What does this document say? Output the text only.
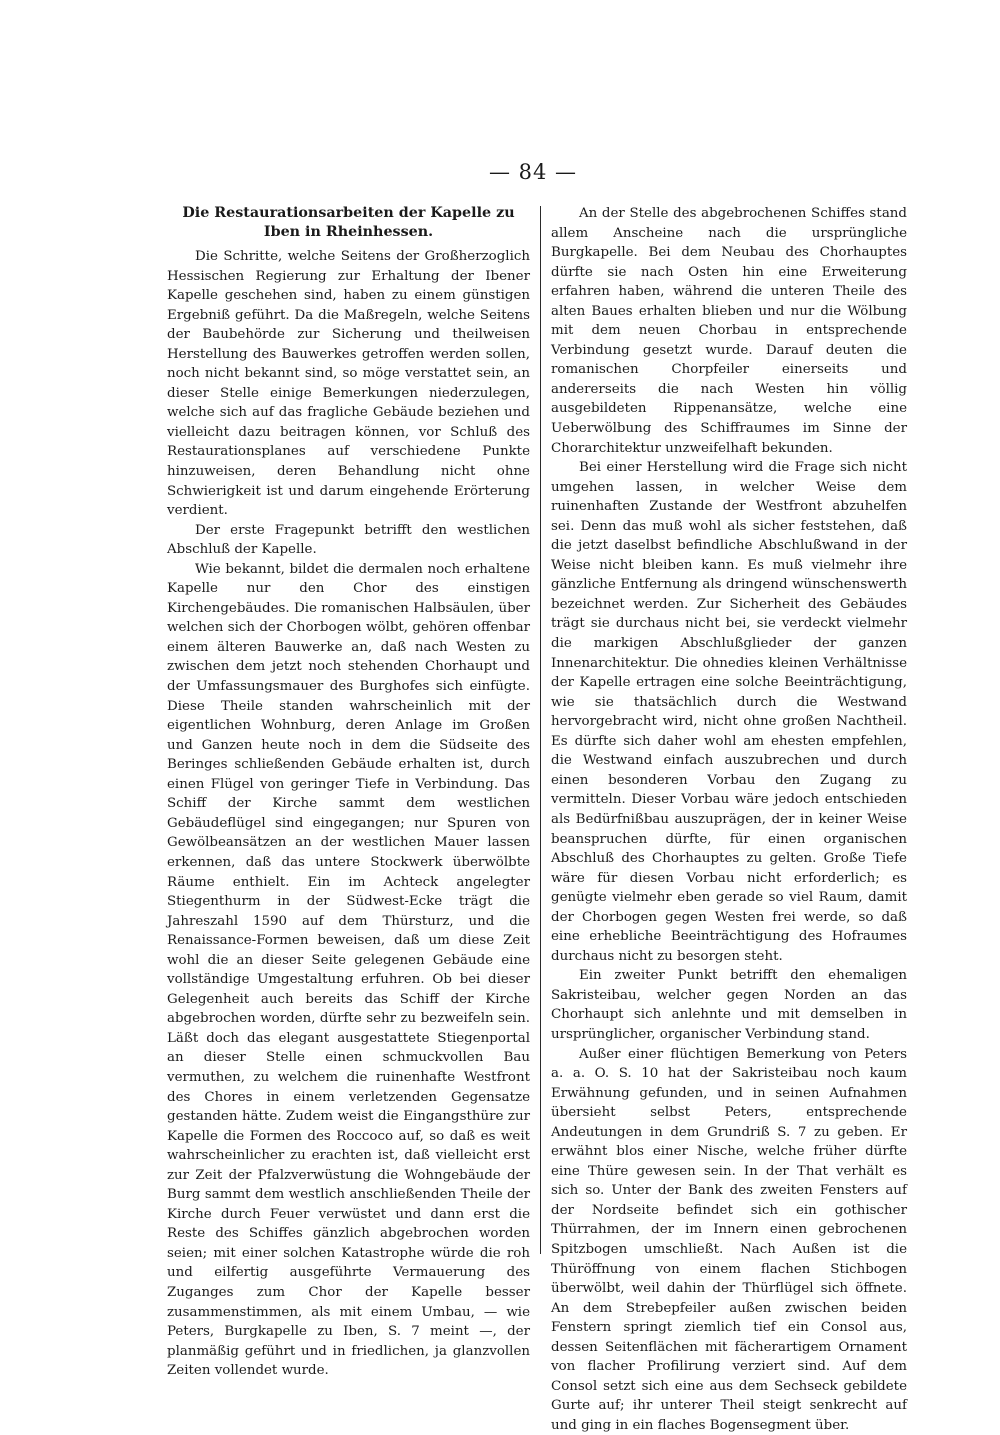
— 84 —
Die Restaurationsarbeiten der Kapelle zu Iben in Rheinhessen.

Die Schritte, welche Seitens der Großherzoglich Hessischen Regierung zur Erhaltung der Ibener Kapelle geschehen sind, haben zu einem günstigen Ergebniß geführt. Da die Maßregeln, welche Seitens der Baubehörde zur Sicherung und theilweisen Herstellung des Bauwerkes getroffen werden sollen, noch nicht bekannt sind, so möge verstattet sein, an dieser Stelle einige Bemerkungen niederzulegen, welche sich auf das fragliche Gebäude beziehen und vielleicht dazu beitragen können, vor Schluß des Restaurationsplanes auf verschiedene Punkte hinzuweisen, deren Behandlung nicht ohne Schwierigkeit ist und darum eingehende Erörterung verdient.

Der erste Fragepunkt betrifft den westlichen Abschluß der Kapelle.

Wie bekannt, bildet die dermalen noch erhaltene Kapelle nur den Chor des einstigen Kirchengebäudes. Die romanischen Halbsäulen, über welchen sich der Chorbogen wölbt, gehören offenbar einem älteren Bauwerke an, daß nach Westen zu zwischen dem jetzt noch stehenden Chorhaupt und der Umfassungsmauer des Burghofes sich einfügte. Diese Theile standen wahrscheinlich mit der eigentlichen Wohnburg, deren Anlage im Großen und Ganzen heute noch in dem die Südseite des Beringes schließenden Gebäude erhalten ist, durch einen Flügel von geringer Tiefe in Verbindung. Das Schiff der Kirche sammt dem westlichen Gebäudeflügel sind eingegangen; nur Spuren von Gewölbeansätzen an der westlichen Mauer lassen erkennen, daß das untere Stockwerk überwölbte Räume enthielt. Ein im Achteck angelegter Stiegenthurm in der Südwest-Ecke trägt die Jahreszahl 1590 auf dem Thürsturz, und die Renaissance-Formen beweisen, daß um diese Zeit wohl die an dieser Seite gelegenen Gebäude eine vollständige Umgestaltung erfuhren. Ob bei dieser Gelegenheit auch bereits das Schiff der Kirche abgebrochen worden, dürfte sehr zu bezweifeln sein. Läßt doch das elegant ausgestattete Stiegenportal an dieser Stelle einen schmuckvollen Bau vermuthen, zu welchem die ruinenhafte Westfront des Chores in einem verletzenden Gegensatze gestanden hätte. Zudem weist die Eingangsthüre zur Kapelle die Formen des Roccoco auf, so daß es weit wahrscheinlicher zu erachten ist, daß vielleicht erst zur Zeit der Pfalzverwüstung die Wohngebäude der Burg sammt dem westlich anschließenden Theile der Kirche durch Feuer verwüstet und dann erst die Reste des Schiffes gänzlich abgebrochen worden seien; mit einer solchen Katastrophe würde die roh und eilfertig ausgeführte Vermauerung des Zuganges zum Chor der Kapelle besser zusammenstimmen, als mit einem Umbau, — wie Peters, Burgkapelle zu Iben, S. 7 meint —, der planmäßig geführt und in friedlichen, ja glanzvollen Zeiten vollendet wurde.

An der Stelle des abgebrochenen Schiffes stand allem Anscheine nach die ursprüngliche Burgkapelle. Bei dem Neubau des Chorhauptes dürfte sie nach Osten hin eine Erweiterung erfahren haben, während die unteren Theile des alten Baues erhalten blieben und nur die Wölbung mit dem neuen Chorbau in entsprechende Verbindung gesetzt wurde. Darauf deuten die romanischen Chorpfeiler einerseits und andererseits die nach Westen hin völlig ausgebildeten Rippenansätze, welche eine Ueberwölbung des Schiffraumes im Sinne der Chorarchitektur unzweifelhaft bekunden.

Bei einer Herstellung wird die Frage sich nicht umgehen lassen, in welcher Weise dem ruinenhaften Zustande der Westfront abzuhelfen sei. Denn das muß wohl als sicher feststehen, daß die jetzt daselbst befindliche Abschlußwand in der Weise nicht bleiben kann. Es muß vielmehr ihre gänzliche Entfernung als dringend wünschenswerth bezeichnet werden. Zur Sicherheit des Gebäudes trägt sie durchaus nicht bei, sie verdeckt vielmehr die markigen Abschlußglieder der ganzen Innenarchitektur. Die ohnedies kleinen Verhältnisse der Kapelle ertragen eine solche Beeinträchtigung, wie sie thatsächlich durch die Westwand hervorgebracht wird, nicht ohne großen Nachtheil. Es dürfte sich daher wohl am ehesten empfehlen, die Westwand einfach auszubrechen und durch einen besonderen Vorbau den Zugang zu vermitteln. Dieser Vorbau wäre jedoch entschieden als Bedürfnißbau auszuprägen, der in keiner Weise beanspruchen dürfte, für einen organischen Abschluß des Chorhauptes zu gelten. Große Tiefe wäre für diesen Vorbau nicht erforderlich; es genügte vielmehr eben gerade so viel Raum, damit der Chorbogen gegen Westen frei werde, so daß eine erhebliche Beeinträchtigung des Hofraumes durchaus nicht zu besorgen steht.

Ein zweiter Punkt betrifft den ehemaligen Sakristeibau, welcher gegen Norden an das Chorhaupt sich anlehnte und mit demselben in ursprünglicher, organischer Verbindung stand.

Außer einer flüchtigen Bemerkung von Peters a. a. O. S. 10 hat der Sakristeibau noch kaum Erwähnung gefunden, und in seinen Aufnahmen übersieht selbst Peters, entsprechende Andeutungen in dem Grundriß S. 7 zu geben. Er erwähnt blos einer Nische, welche früher dürfte eine Thüre gewesen sein. In der That verhält es sich so. Unter der Bank des zweiten Fensters auf der Nordseite befindet sich ein gothischer Thürrahmen, der im Innern einen gebrochenen Spitzbogen umschließt. Nach Außen ist die Thüröffnung von einem flachen Stichbogen überwölbt, weil dahin der Thürflügel sich öffnete. An dem Strebepfeiler außen zwischen beiden Fenstern springt ziemlich tief ein Consol aus, dessen Seitenflächen mit fächerartigem Ornament von flacher Profilirung verziert sind. Auf dem Consol setzt sich eine aus dem Sechseck gebildete Gurte auf; ihr unterer Theil steigt senkrecht auf und ging in ein flaches Bogensegment über.
